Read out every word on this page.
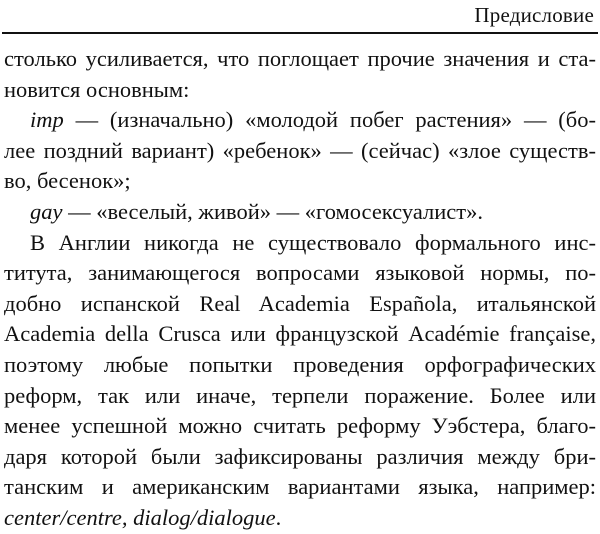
Предисловие
столько усиливается, что поглощает прочие значения и ста-
новится основным:
imp — (изначально) «молодой побег растения» — (бо-
лее поздний вариант) «ребенок» — (сейчас) «злое существ-
во, бесенок»;
gay — «веселый, живой» — «гомосексуалист».
В Англии никогда не существовало формального инс-
титута, занимающегося вопросами языковой нормы, по-
добно испанской Real Academia Española, итальянской
Academia della Crusca или французской Académie française,
поэтому любые попытки проведения орфографических
реформ, так или иначе, терпели поражение. Более или
менее успешной можно считать реформу Уэбстера, благо-
даря которой были зафиксированы различия между бри-
танским и американским вариантами языка, например:
center/centre, dialog/dialogue.
